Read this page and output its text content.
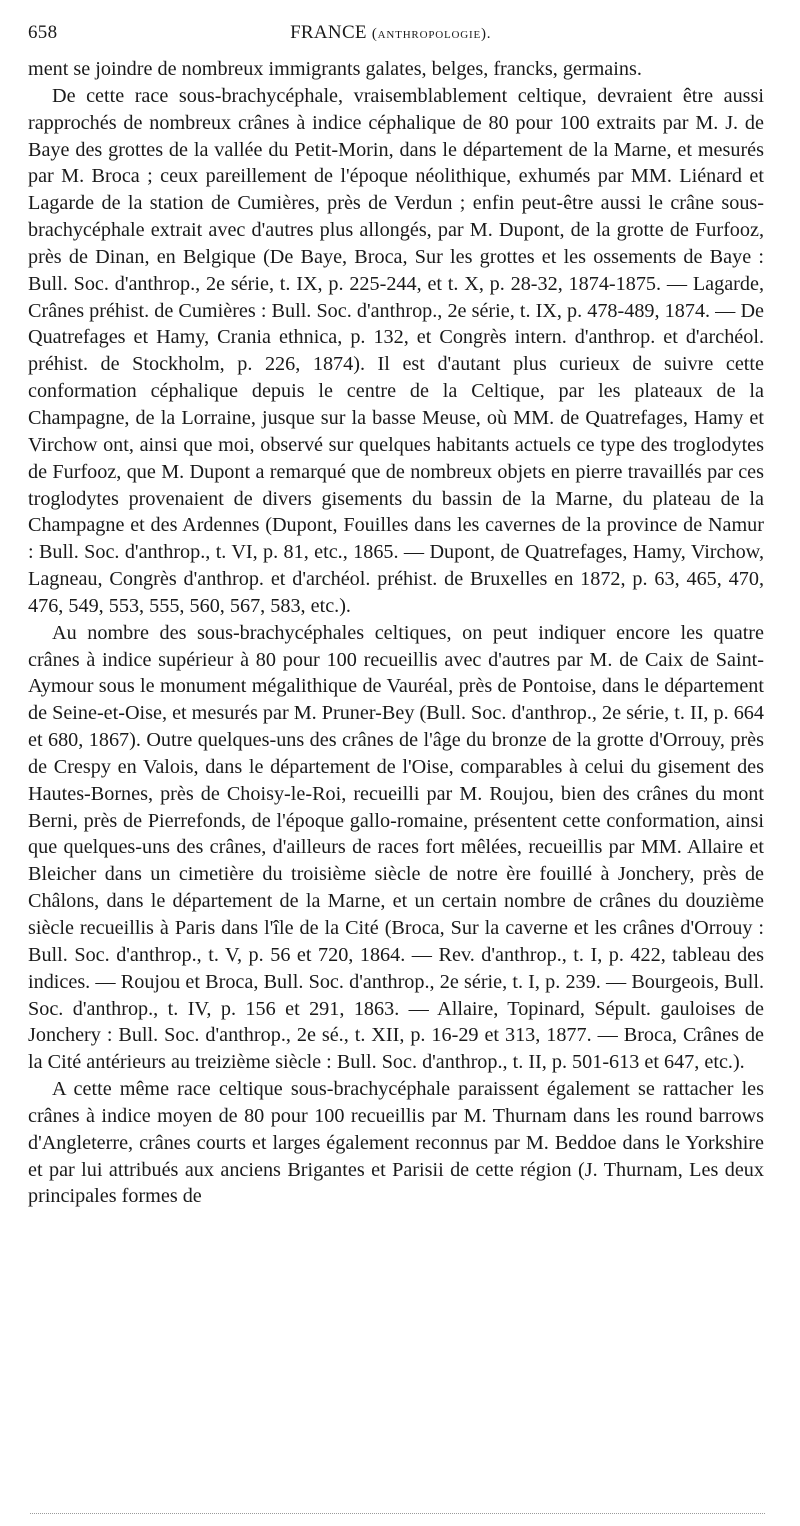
658	FRANCE (anthropologie).

ment se joindre de nombreux immigrants galates, belges, francks, germains.

De cette race sous-brachycéphale, vraisemblablement celtique, devraient être aussi rapprochés de nombreux crânes à indice céphalique de 80 pour 100 extraits par M. J. de Baye des grottes de la vallée du Petit-Morin, dans le département de la Marne, et mesurés par M. Broca ; ceux pareillement de l'époque néolithique, exhumés par MM. Liénard et Lagarde de la station de Cumières, près de Verdun ; enfin peut-être aussi le crâne sous-brachycéphale extrait avec d'autres plus allongés, par M. Dupont, de la grotte de Furfooz, près de Dinan, en Belgique (De Baye, Broca, Sur les grottes et les ossements de Baye : Bull. Soc. d'anthrop., 2e série, t. IX, p. 225-244, et t. X, p. 28-32, 1874-1875. — Lagarde, Crânes préhist. de Cumières : Bull. Soc. d'anthrop., 2e série, t. IX, p. 478-489, 1874. — De Quatrefages et Hamy, Crania ethnica, p. 132, et Congrès intern. d'anthrop. et d'archéol. préhist. de Stockholm, p. 226, 1874). Il est d'autant plus curieux de suivre cette conformation céphalique depuis le centre de la Celtique, par les plateaux de la Champagne, de la Lorraine, jusque sur la basse Meuse, où MM. de Quatrefages, Hamy et Virchow ont, ainsi que moi, observé sur quelques habitants actuels ce type des troglodytes de Furfooz, que M. Dupont a remarqué que de nombreux objets en pierre travaillés par ces troglodytes provenaient de divers gisements du bassin de la Marne, du plateau de la Champagne et des Ardennes (Dupont, Fouilles dans les cavernes de la province de Namur : Bull. Soc. d'anthrop., t. VI, p. 81, etc., 1865. — Dupont, de Quatrefages, Hamy, Virchow, Lagneau, Congrès d'anthrop. et d'archéol. préhist. de Bruxelles en 1872, p. 63, 465, 470, 476, 549, 553, 555, 560, 567, 583, etc.).

Au nombre des sous-brachycéphales celtiques, on peut indiquer encore les quatre crânes à indice supérieur à 80 pour 100 recueillis avec d'autres par M. de Caix de Saint-Aymour sous le monument mégalithique de Vauréal, près de Pontoise, dans le département de Seine-et-Oise, et mesurés par M. Pruner-Bey (Bull. Soc. d'anthrop., 2e série, t. II, p. 664 et 680, 1867). Outre quelques-uns des crânes de l'âge du bronze de la grotte d'Orrouy, près de Crespy en Valois, dans le département de l'Oise, comparables à celui du gisement des Hautes-Bornes, près de Choisy-le-Roi, recueilli par M. Roujou, bien des crânes du mont Berni, près de Pierrefonds, de l'époque gallo-romaine, présentent cette conformation, ainsi que quelques-uns des crânes, d'ailleurs de races fort mêlées, recueillis par MM. Allaire et Bleicher dans un cimetière du troisième siècle de notre ère fouillé à Jonchery, près de Châlons, dans le département de la Marne, et un certain nombre de crânes du douzième siècle recueillis à Paris dans l'île de la Cité (Broca, Sur la caverne et les crânes d'Orrouy : Bull. Soc. d'anthrop., t. V, p. 56 et 720, 1864. — Rev. d'anthrop., t. I, p. 422, tableau des indices. — Roujou et Broca, Bull. Soc. d'anthrop., 2e série, t. I, p. 239. — Bourgeois, Bull. Soc. d'anthrop., t. IV, p. 156 et 291, 1863. — Allaire, Topinard, Sépult. gauloises de Jonchery : Bull. Soc. d'anthrop., 2e sé., t. XII, p. 16-29 et 313, 1877. — Broca, Crânes de la Cité antérieurs au treizième siècle : Bull. Soc. d'anthrop., t. II, p. 501-613 et 647, etc.).

A cette même race celtique sous-brachycéphale paraissent également se rattacher les crânes à indice moyen de 80 pour 100 recueillis par M. Thurnam dans les round barrows d'Angleterre, crânes courts et larges également reconnus par M. Beddoe dans le Yorkshire et par lui attribués aux anciens Brigantes et Parisii de cette région (J. Thurnam, Les deux principales formes de
